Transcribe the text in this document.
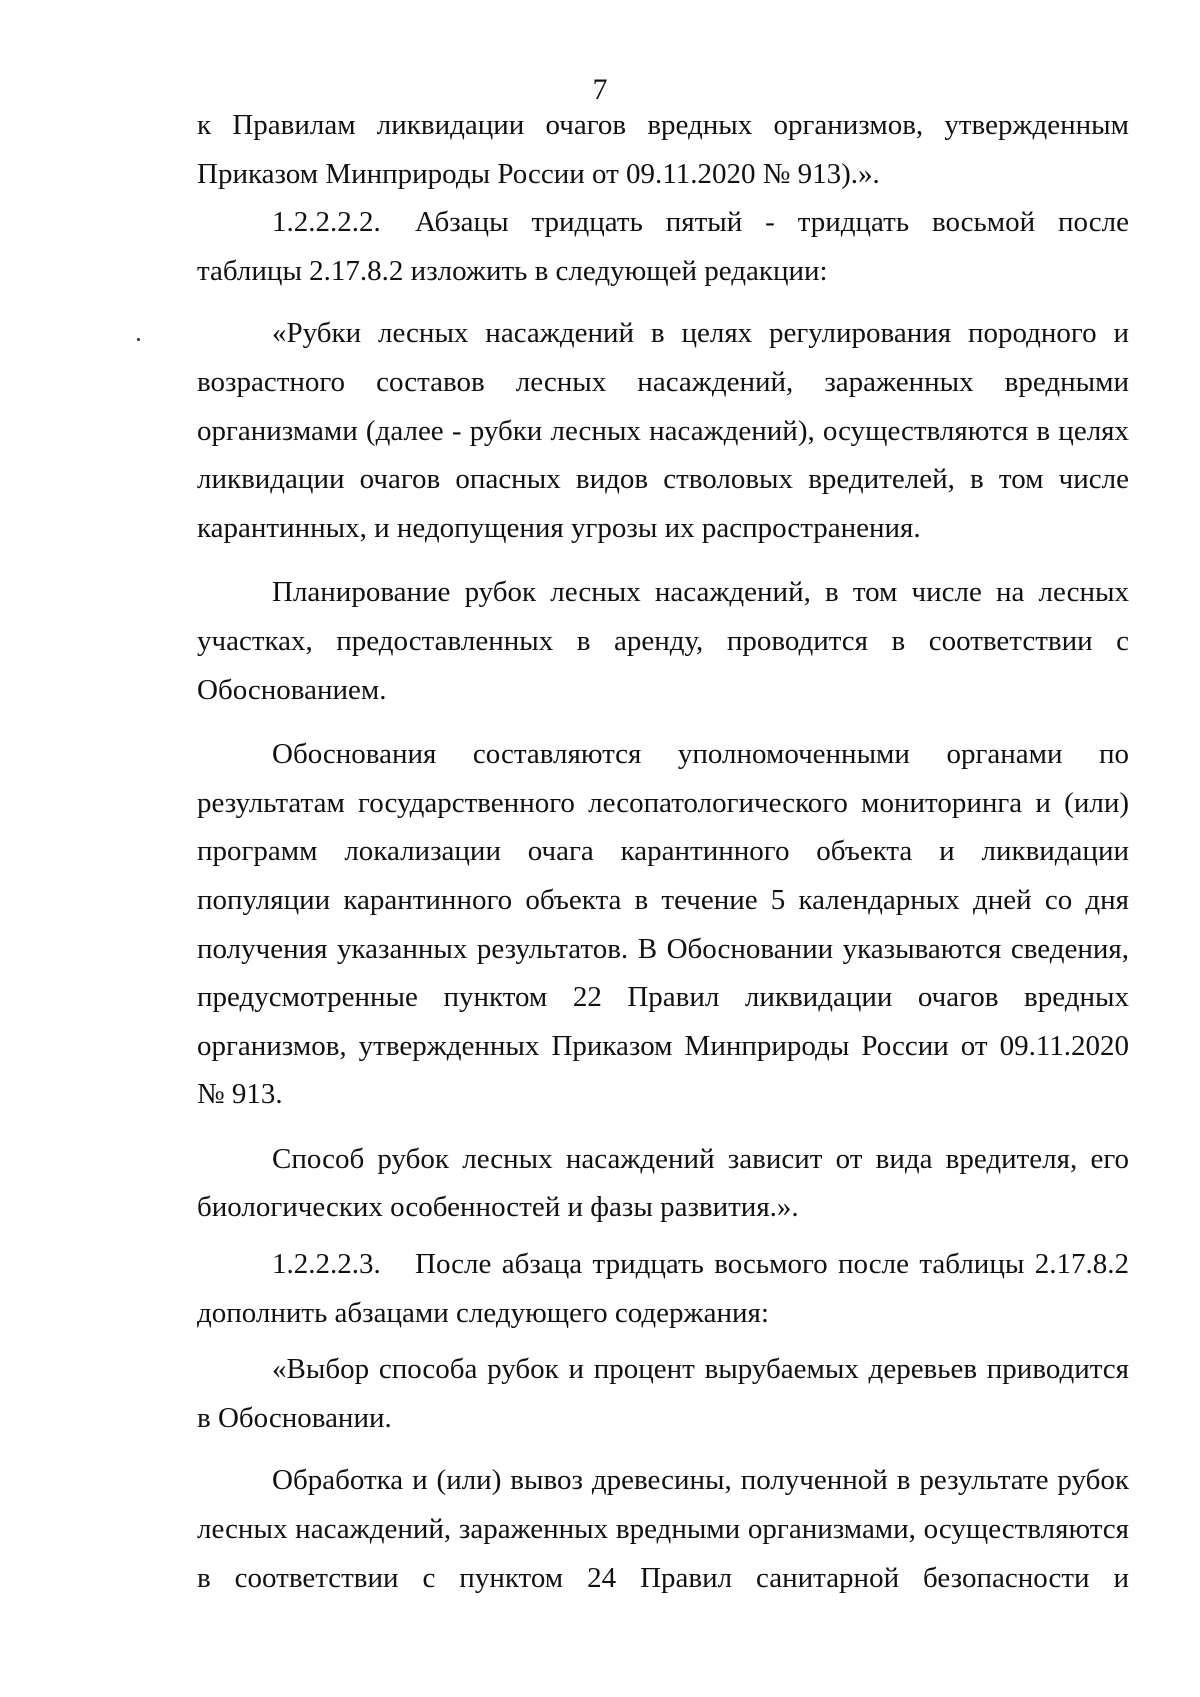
7

к Правилам ликвидации очагов вредных организмов, утвержденным Приказом Минприроды России от 09.11.2020 № 913).».

1.2.2.2.2. Абзацы тридцать пятый - тридцать восьмой после таблицы 2.17.8.2 изложить в следующей редакции:

«Рубки лесных насаждений в целях регулирования породного и возрастного составов лесных насаждений, зараженных вредными организмами (далее - рубки лесных насаждений), осуществляются в целях ликвидации очагов опасных видов стволовых вредителей, в том числе карантинных, и недопущения угрозы их распространения.

Планирование рубок лесных насаждений, в том числе на лесных участках, предоставленных в аренду, проводится в соответствии с Обоснованием.

Обоснования составляются уполномоченными органами по результатам государственного лесопатологического мониторинга и (или) программ локализации очага карантинного объекта и ликвидации популяции карантинного объекта в течение 5 календарных дней со дня получения указанных результатов. В Обосновании указываются сведения, предусмотренные пунктом 22 Правил ликвидации очагов вредных организмов, утвержденных Приказом Минприроды России от 09.11.2020 № 913.

Способ рубок лесных насаждений зависит от вида вредителя, его биологических особенностей и фазы развития.».

1.2.2.2.3. После абзаца тридцать восьмого после таблицы 2.17.8.2 дополнить абзацами следующего содержания:

«Выбор способа рубок и процент вырубаемых деревьев приводится в Обосновании.

Обработка и (или) вывоз древесины, полученной в результате рубок лесных насаждений, зараженных вредными организмами, осуществляются в соответствии с пунктом 24 Правил санитарной безопасности и
